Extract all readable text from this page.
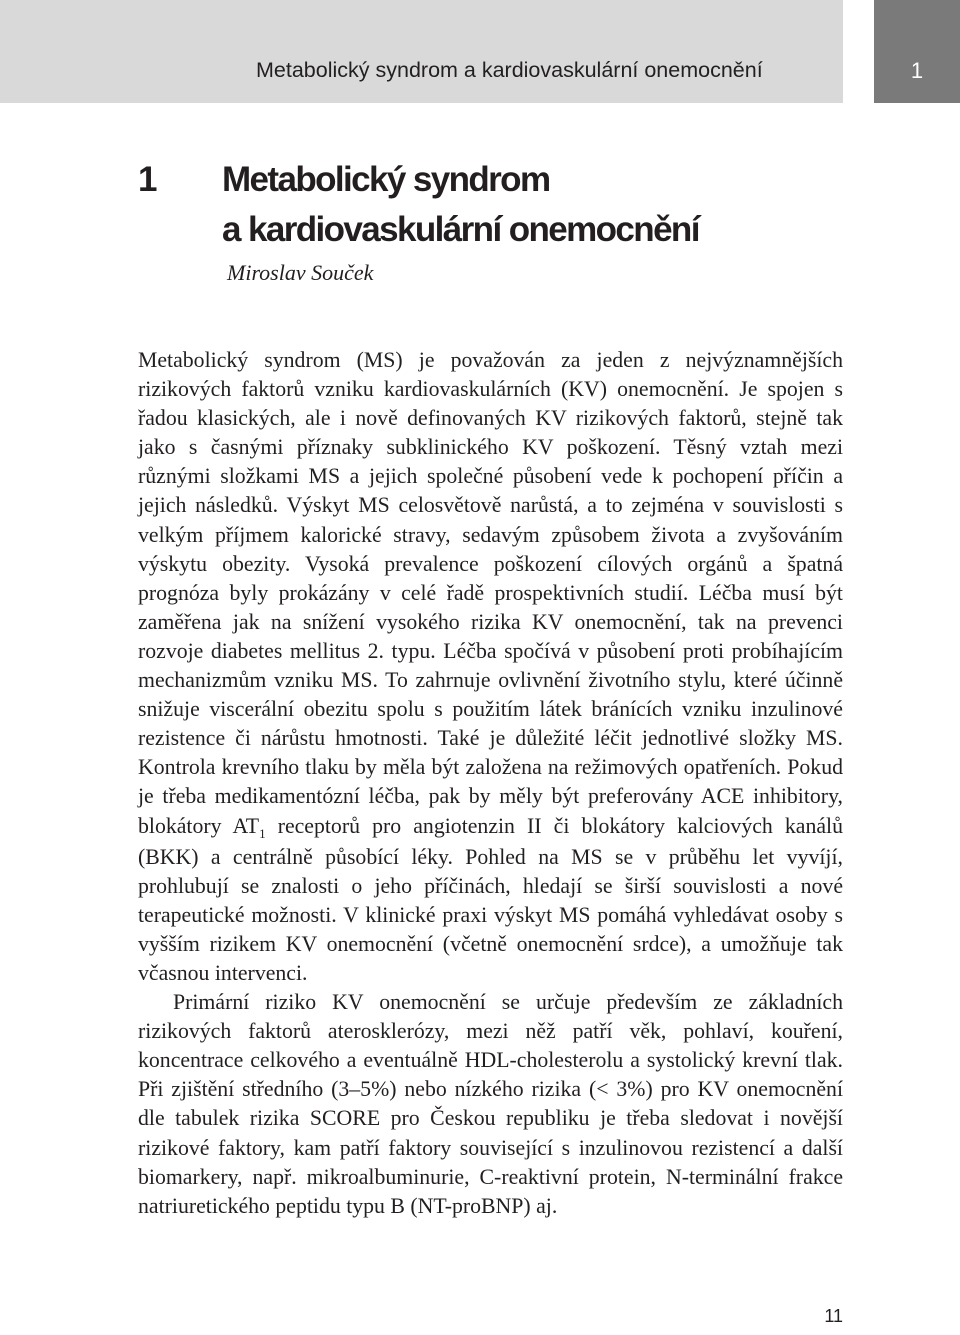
Metabolický syndrom a kardiovaskulární onemocnění	1
1 Metabolický syndrom
a kardiovaskulární onemocnění
Miroslav Souček

Metabolický syndrom (MS) je považován za jeden z nejvýznamnějších rizikových faktorů vzniku kardiovaskulárních (KV) onemocnění. Je spojen s řadou klasických, ale i nově definovaných KV rizikových faktorů, stejně tak jako s časnými příznaky subklinického KV poškození. Těsný vztah mezi různými složkami MS a jejich společné působení vede k pochopení příčin a jejich následků. Výskyt MS celosvětově narůstá, a to zejména v souvislosti s velkým příjmem kalorické stravy, sedavým způsobem života a zvyšováním výskytu obezity. Vysoká prevalence poškození cílových orgánů a špatná prognóza byly prokázány v celé řadě prospektivních studií. Léčba musí být zaměřena jak na snížení vysokého rizika KV onemocnění, tak na prevenci rozvoje diabetes mellitus 2. typu. Léčba spočívá v působení proti probíhajícím mechanizmům vzniku MS. To zahrnuje ovlivnění životního stylu, které účinně snižuje viscerální obezitu spolu s použitím látek bránících vzniku inzulinové rezistence či nárůstu hmotnosti. Také je důležité léčit jednotlivé složky MS. Kontrola krevního tlaku by měla být založena na režimových opatřeních. Pokud je třeba medikamentózní léčba, pak by měly být preferovány ACE inhibitory, blokátory $AT_1$ receptorů pro angiotenzin II či blokátory kalciových kanálů (BKK) a centrálně působící léky. Pohled na MS se v průběhu let vyvíjí, prohlubují se znalosti o jeho příčinách, hledají se širší souvislosti a nové terapeutické možnosti. V klinické praxi výskyt MS pomáhá vyhledávat osoby s vyšším rizikem KV onemocnění (včetně onemocnění srdce), a umožňuje tak včasnou intervenci.

Primární riziko KV onemocnění se určuje především ze základních rizikových faktorů aterosklerózy, mezi něž patří věk, pohlaví, kouření, koncentrace celkového a eventuálně HDL-cholesterolu a systolický krevní tlak. Při zjištění středního (3–5%) nebo nízkého rizika (< 3%) pro KV onemocnění dle tabulek rizika SCORE pro Českou republiku je třeba sledovat i novější rizikové faktory, kam patří faktory související s inzulinovou rezistencí a další biomarkery, např. mikroalbuminurie, C-reaktivní protein, N-terminální frakce natriuretického peptidu typu B (NT-proBNP) aj.

11
